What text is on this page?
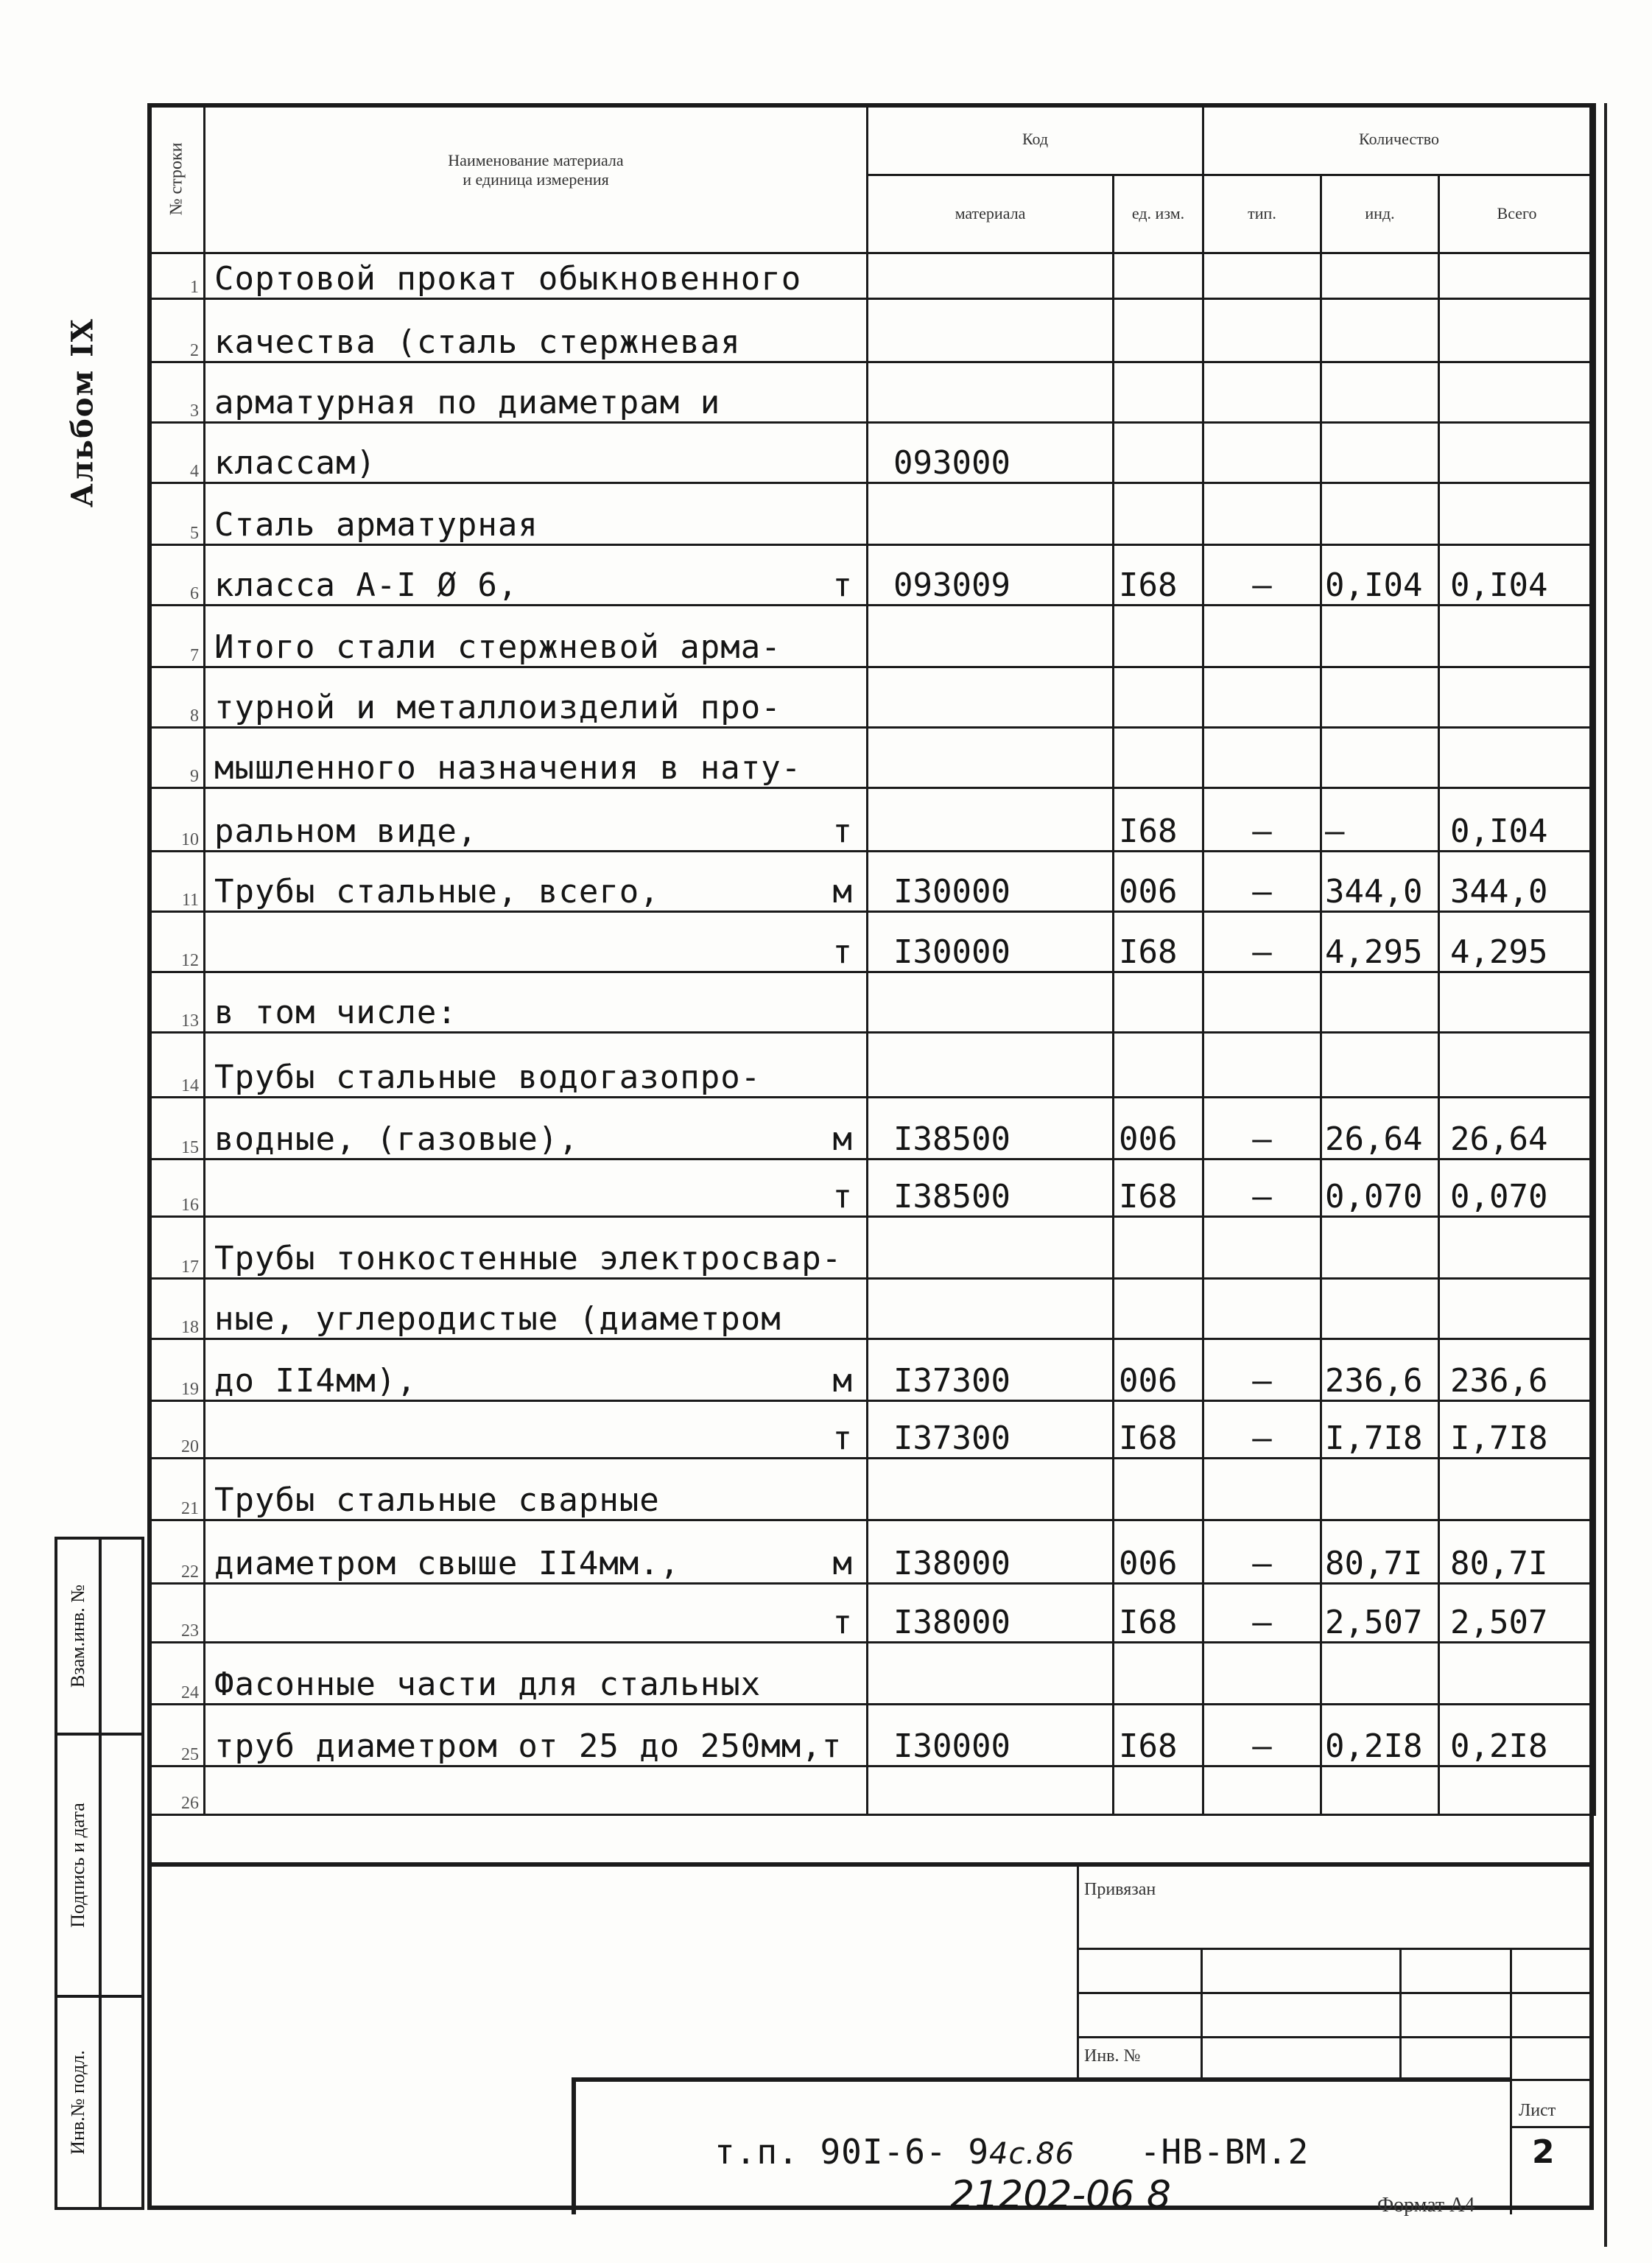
Альбом IX
№ строки	Наименование материала
и единица измерения	Код		Количество		
		материала	ед. изм.	тип.	инд.	Всего
1	Сортовой прокат обыкновенного					

2	качества (сталь стержневая					

3	арматурная по диаметрам и					

4	классам)	093000				
5	Сталь арматурная					

6	класса А-I Ø 6, т	093009	I68	–	0,I04	0,I04
7	Итого стали стержневой арма-					

8	турной и металлоизделий про-					

9	мышленного назначения в нату-					

10	ральном виде, т		I68	–	–	0,I04
11	Трубы стальные, всего, м	I30000	006	–	344,0	344,0
12	т	I30000	I68	–	4,295	4,295
13	в том числе:					

14	Трубы стальные водогазопро-					

15	водные, (газовые), м	I38500	006	–	26,64	26,64
16	т	I38500	I68	–	0,070	0,070
17	Трубы тонкостенные электросвар-					

18	ные, углеродистые (диаметром					

19	до II4мм), м	I37300	006	–	236,6	236,6
20	т	I37300	I68	–	I,7I8	I,7I8
21	Трубы стальные сварные					

22	диаметром свыше II4мм., м	I38000	006	–	80,7I	80,7I
23	т	I38000	I68	–	2,507	2,507
24	Фасонные части для стальных					

25	труб диаметром от 25 до 250мм,т	I30000	I68	–	0,2I8	0,2I8
26	

Взам.инв. №
Подпись и дата
Инв.№ подл.
Привязан
Инв. №
т.п. 90I-6- 94с.86 -НВ-ВМ.2
Лист
2
21202-06 8	Формат А4
